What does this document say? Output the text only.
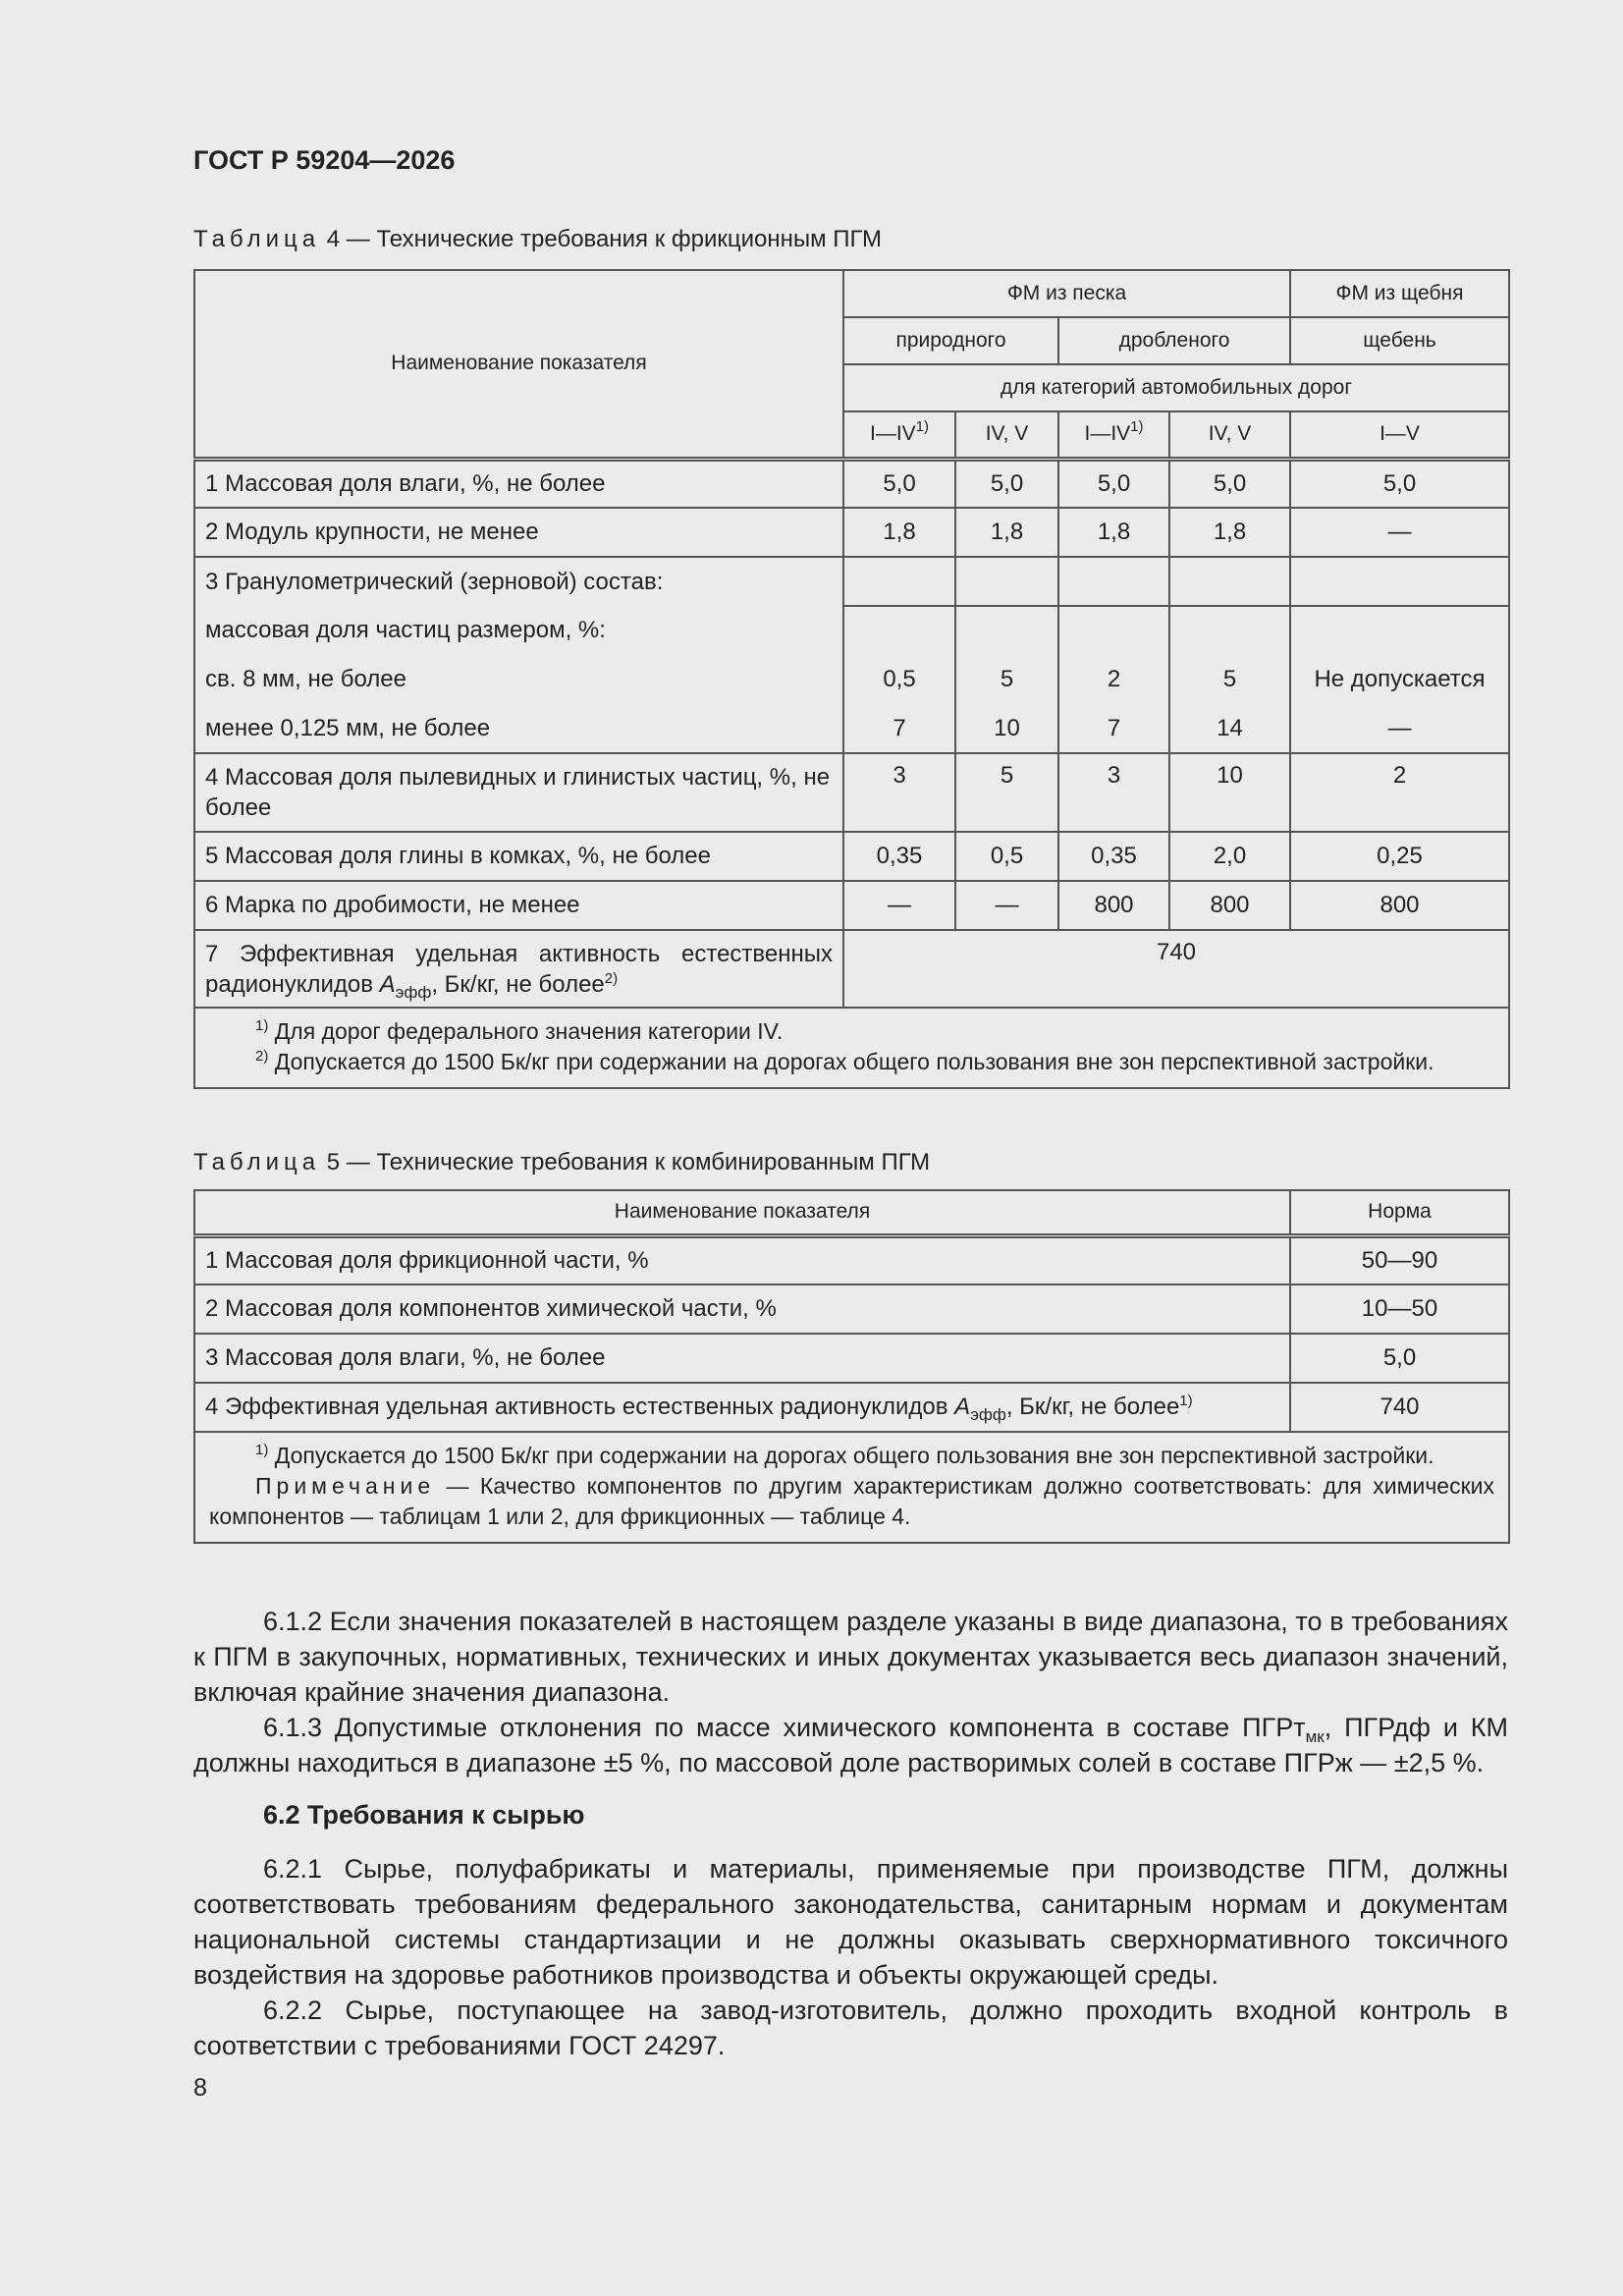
ГОСТ Р 59204—2026
Таблица 4 — Технические требования к фрикционным ПГМ
Наименование показателя	ФМ из песка				ФМ из щебня
	природного		дробленого		щебень
	для категорий автомобильных дорог				
	I—IV$^{1)}$	IV, V	I—IV$^{1)}$	IV, V	I—V
1 Массовая доля влаги, %, не более	5,0	5,0	5,0	5,0	5,0
2 Модуль крупности, не менее	1,8	1,8	1,8	1,8	—
3 Гранулометрический (зерновой) состав:					
массовая доля частиц размером, %:					
св. 8 мм, не более	0,5	5	2	5	Не допускается
менее 0,125 мм, не более	7	10	7	14	—
4 Массовая доля пылевидных и глинистых частиц, %, не более	3	5	3	10	2
5 Массовая доля глины в комках, %, не более	0,35	0,5	0,35	2,0	0,25
6 Марка по дробимости, не менее	—	—	800	800	800
7 Эффективная удельная активность естественных радионуклидов $A_{эфф}$, Бк/кг, не более$^{2)}$	740				

$^{1)}$ Для дорог федерального значения категории IV.

$^{2)}$ Допускается до 1500 Бк/кг при содержании на дорогах общего пользования вне зон перспективной застройки.					

Таблица 5 — Технические требования к комбинированным ПГМ
Наименование показателя	Норма
1 Массовая доля фрикционной части, %	50—90
2 Массовая доля компонентов химической части, %	10—50
3 Массовая доля влаги, %, не более	5,0
4 Эффективная удельная активность естественных радионуклидов $A_{эфф}$, Бк/кг, не более$^{1)}$	740

$^{1)}$ Допускается до 1500 Бк/кг при содержании на дорогах общего пользования вне зон перспективной застройки.

Примечание — Качество компонентов по другим характеристикам должно соответствовать: для химических компонентов — таблицам 1 или 2, для фрикционных — таблице 4.	

6.1.2 Если значения показателей в настоящем разделе указаны в виде диапазона, то в требованиях к ПГМ в закупочных, нормативных, технических и иных документах указывается весь диапазон значений, включая крайние значения диапазона.

6.1.3 Допустимые отклонения по массе химического компонента в составе ПГРт$_{мк}$, ПГРдф и КМ должны находиться в диапазоне ±5 %, по массовой доле растворимых солей в составе ПГРж — ±2,5 %.

6.2 Требования к сырью

6.2.1 Сырье, полуфабрикаты и материалы, применяемые при производстве ПГМ, должны соответствовать требованиям федерального законодательства, санитарным нормам и документам национальной системы стандартизации и не должны оказывать сверхнормативного токсичного воздействия на здоровье работников производства и объекты окружающей среды.

6.2.2 Сырье, поступающее на завод-изготовитель, должно проходить входной контроль в соответствии с требованиями ГОСТ 24297.

8
